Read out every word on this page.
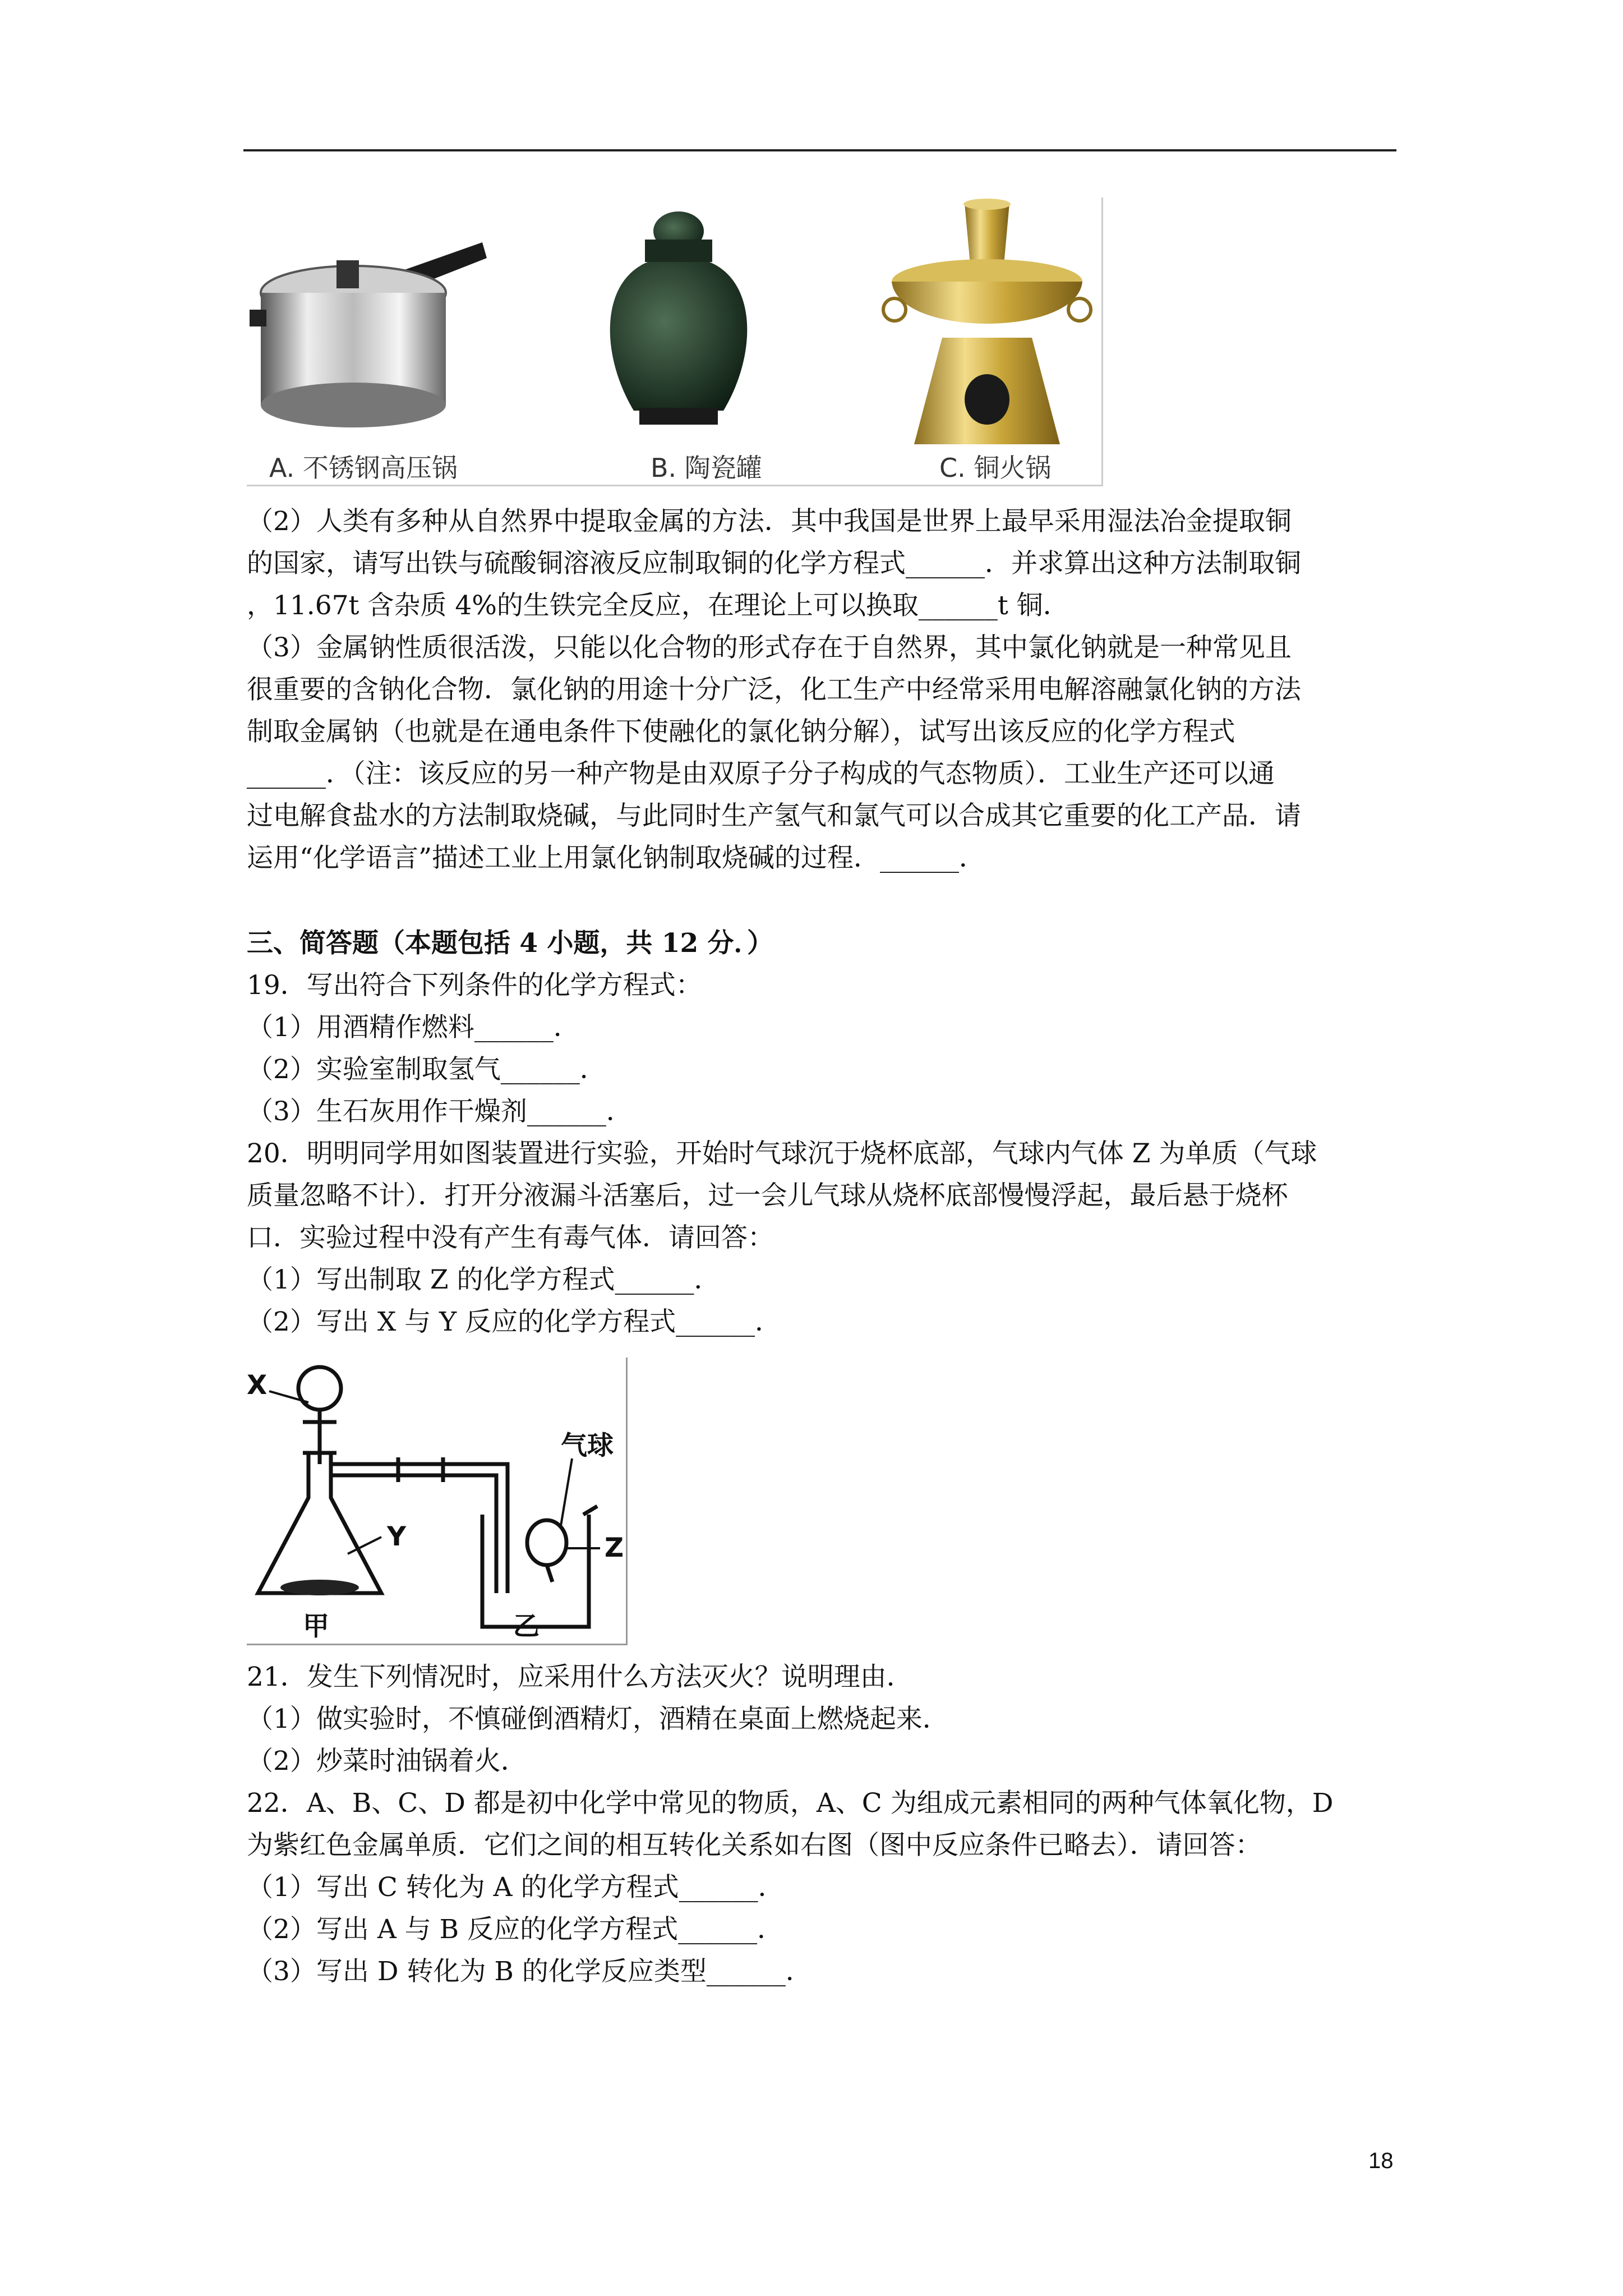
A. 不锈钢高压锅	B. 陶瓷罐	C. 铜火锅
（2）人类有多种从自然界中提取金属的方法．其中我国是世界上最早采用湿法冶金提取铜
的国家，请写出铁与硫酸铜溶液反应制取铜的化学方程式______．并求算出这种方法制取铜
，11.67t 含杂质 4%的生铁完全反应，在理论上可以换取______t 铜．
（3）金属钠性质很活泼，只能以化合物的形式存在于自然界，其中氯化钠就是一种常见且
很重要的含钠化合物．氯化钠的用途十分广泛，化工生产中经常采用电解溶融氯化钠的方法
制取金属钠（也就是在通电条件下使融化的氯化钠分解），试写出该反应的化学方程式
______．（注：该反应的另一种产物是由双原子分子构成的气态物质）．工业生产还可以通
过电解食盐水的方法制取烧碱，与此同时生产氢气和氯气可以合成其它重要的化工产品．请
运用“化学语言”描述工业上用氯化钠制取烧碱的过程．______．
三、简答题（本题包括 4 小题，共 12 分．）
19．写出符合下列条件的化学方程式：
（1）用酒精作燃料______．
（2）实验室制取氢气______．
（3）生石灰用作干燥剂______．
20．明明同学用如图装置进行实验，开始时气球沉于烧杯底部，气球内气体 Z 为单质（气球
质量忽略不计）．打开分液漏斗活塞后，过一会儿气球从烧杯底部慢慢浮起，最后悬于烧杯
口．实验过程中没有产生有毒气体．请回答：
（1）写出制取 Z 的化学方程式______．
（2）写出 X 与 Y 反应的化学方程式______．
X
Y	Z
气球
甲	乙
21．发生下列情况时，应采用什么方法灭火？说明理由．
（1）做实验时，不慎碰倒酒精灯，酒精在桌面上燃烧起来．
（2）炒菜时油锅着火．
22．A、B、C、D 都是初中化学中常见的物质，A、C 为组成元素相同的两种气体氧化物，D
为紫红色金属单质．它们之间的相互转化关系如右图（图中反应条件已略去）．请回答：
（1）写出 C 转化为 A 的化学方程式______．
（2）写出 A 与 B 反应的化学方程式______．
（3）写出 D 转化为 B 的化学反应类型______．
18
